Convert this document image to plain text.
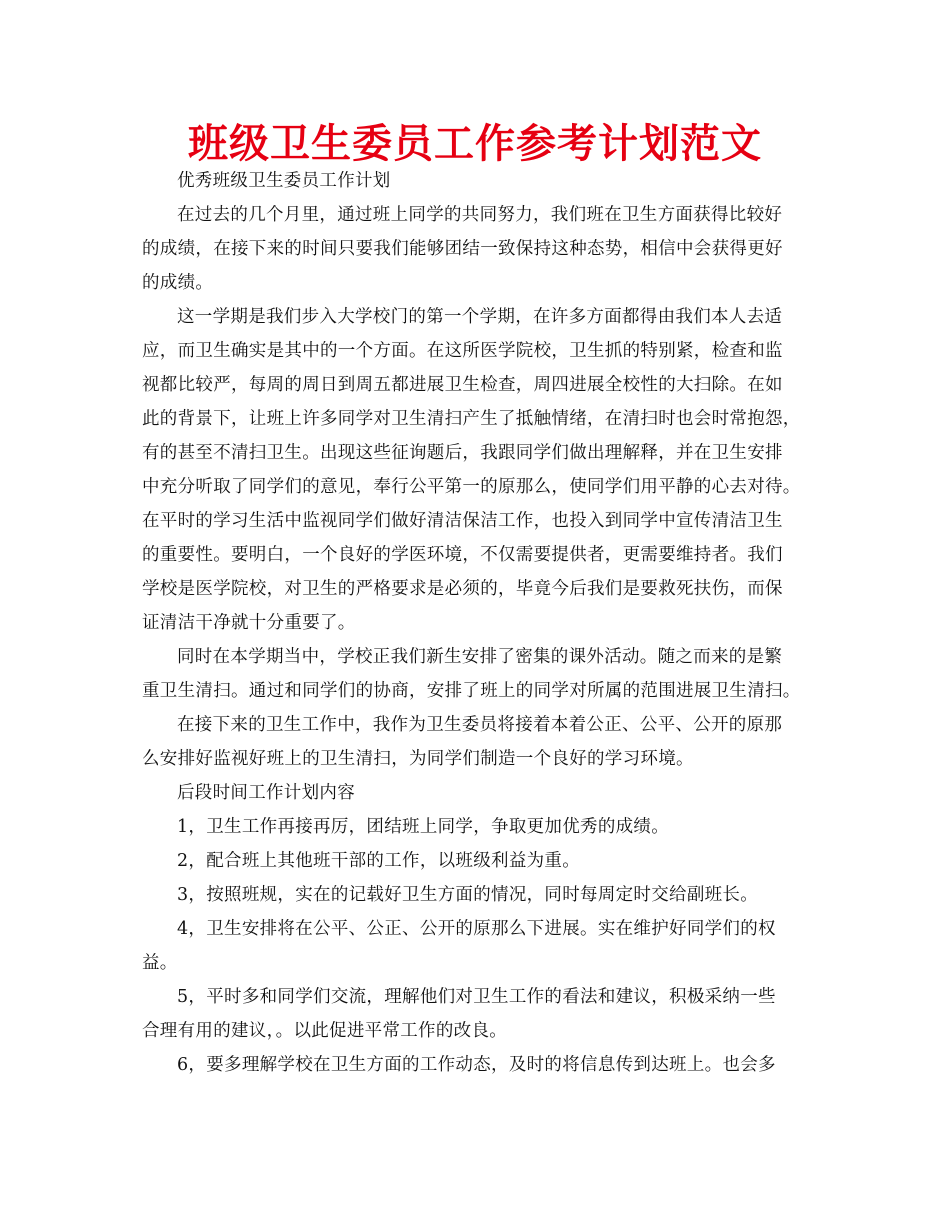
班级卫生委员工作参考计划范文

优秀班级卫生委员工作计划

在过去的几个月里，通过班上同学的共同努力，我们班在卫生方面获得比较好
的成绩，在接下来的时间只要我们能够团结一致保持这种态势，相信中会获得更好
的成绩。

这一学期是我们步入大学校门的第一个学期，在许多方面都得由我们本人去适
应，而卫生确实是其中的一个方面。在这所医学院校，卫生抓的特别紧，检查和监
视都比较严，每周的周日到周五都进展卫生检查，周四进展全校性的大扫除。在如
此的背景下，让班上许多同学对卫生清扫产生了抵触情绪，在清扫时也会时常抱怨，
有的甚至不清扫卫生。出现这些征询题后，我跟同学们做出理解释，并在卫生安排
中充分听取了同学们的意见，奉行公平第一的原那么，使同学们用平静的心去对待。
在平时的学习生活中监视同学们做好清洁保洁工作，也投入到同学中宣传清洁卫生
的重要性。要明白，一个良好的学医环境，不仅需要提供者，更需要维持者。我们
学校是医学院校，对卫生的严格要求是必须的，毕竟今后我们是要救死扶伤，而保
证清洁干净就十分重要了。

同时在本学期当中，学校正我们新生安排了密集的课外活动。随之而来的是繁
重卫生清扫。通过和同学们的协商，安排了班上的同学对所属的范围进展卫生清扫。

在接下来的卫生工作中，我作为卫生委员将接着本着公正、公平、公开的原那
么安排好监视好班上的卫生清扫，为同学们制造一个良好的学习环境。

后段时间工作计划内容

1，卫生工作再接再厉，团结班上同学，争取更加优秀的成绩。

2，配合班上其他班干部的工作，以班级利益为重。

3，按照班规，实在的记载好卫生方面的情况，同时每周定时交给副班长。

4，卫生安排将在公平、公正、公开的原那么下进展。实在维护好同学们的权
益。

5，平时多和同学们交流，理解他们对卫生工作的看法和建议，积极采纳一些
合理有用的建议，。以此促进平常工作的改良。

6，要多理解学校在卫生方面的工作动态，及时的将信息传到达班上。也会多
